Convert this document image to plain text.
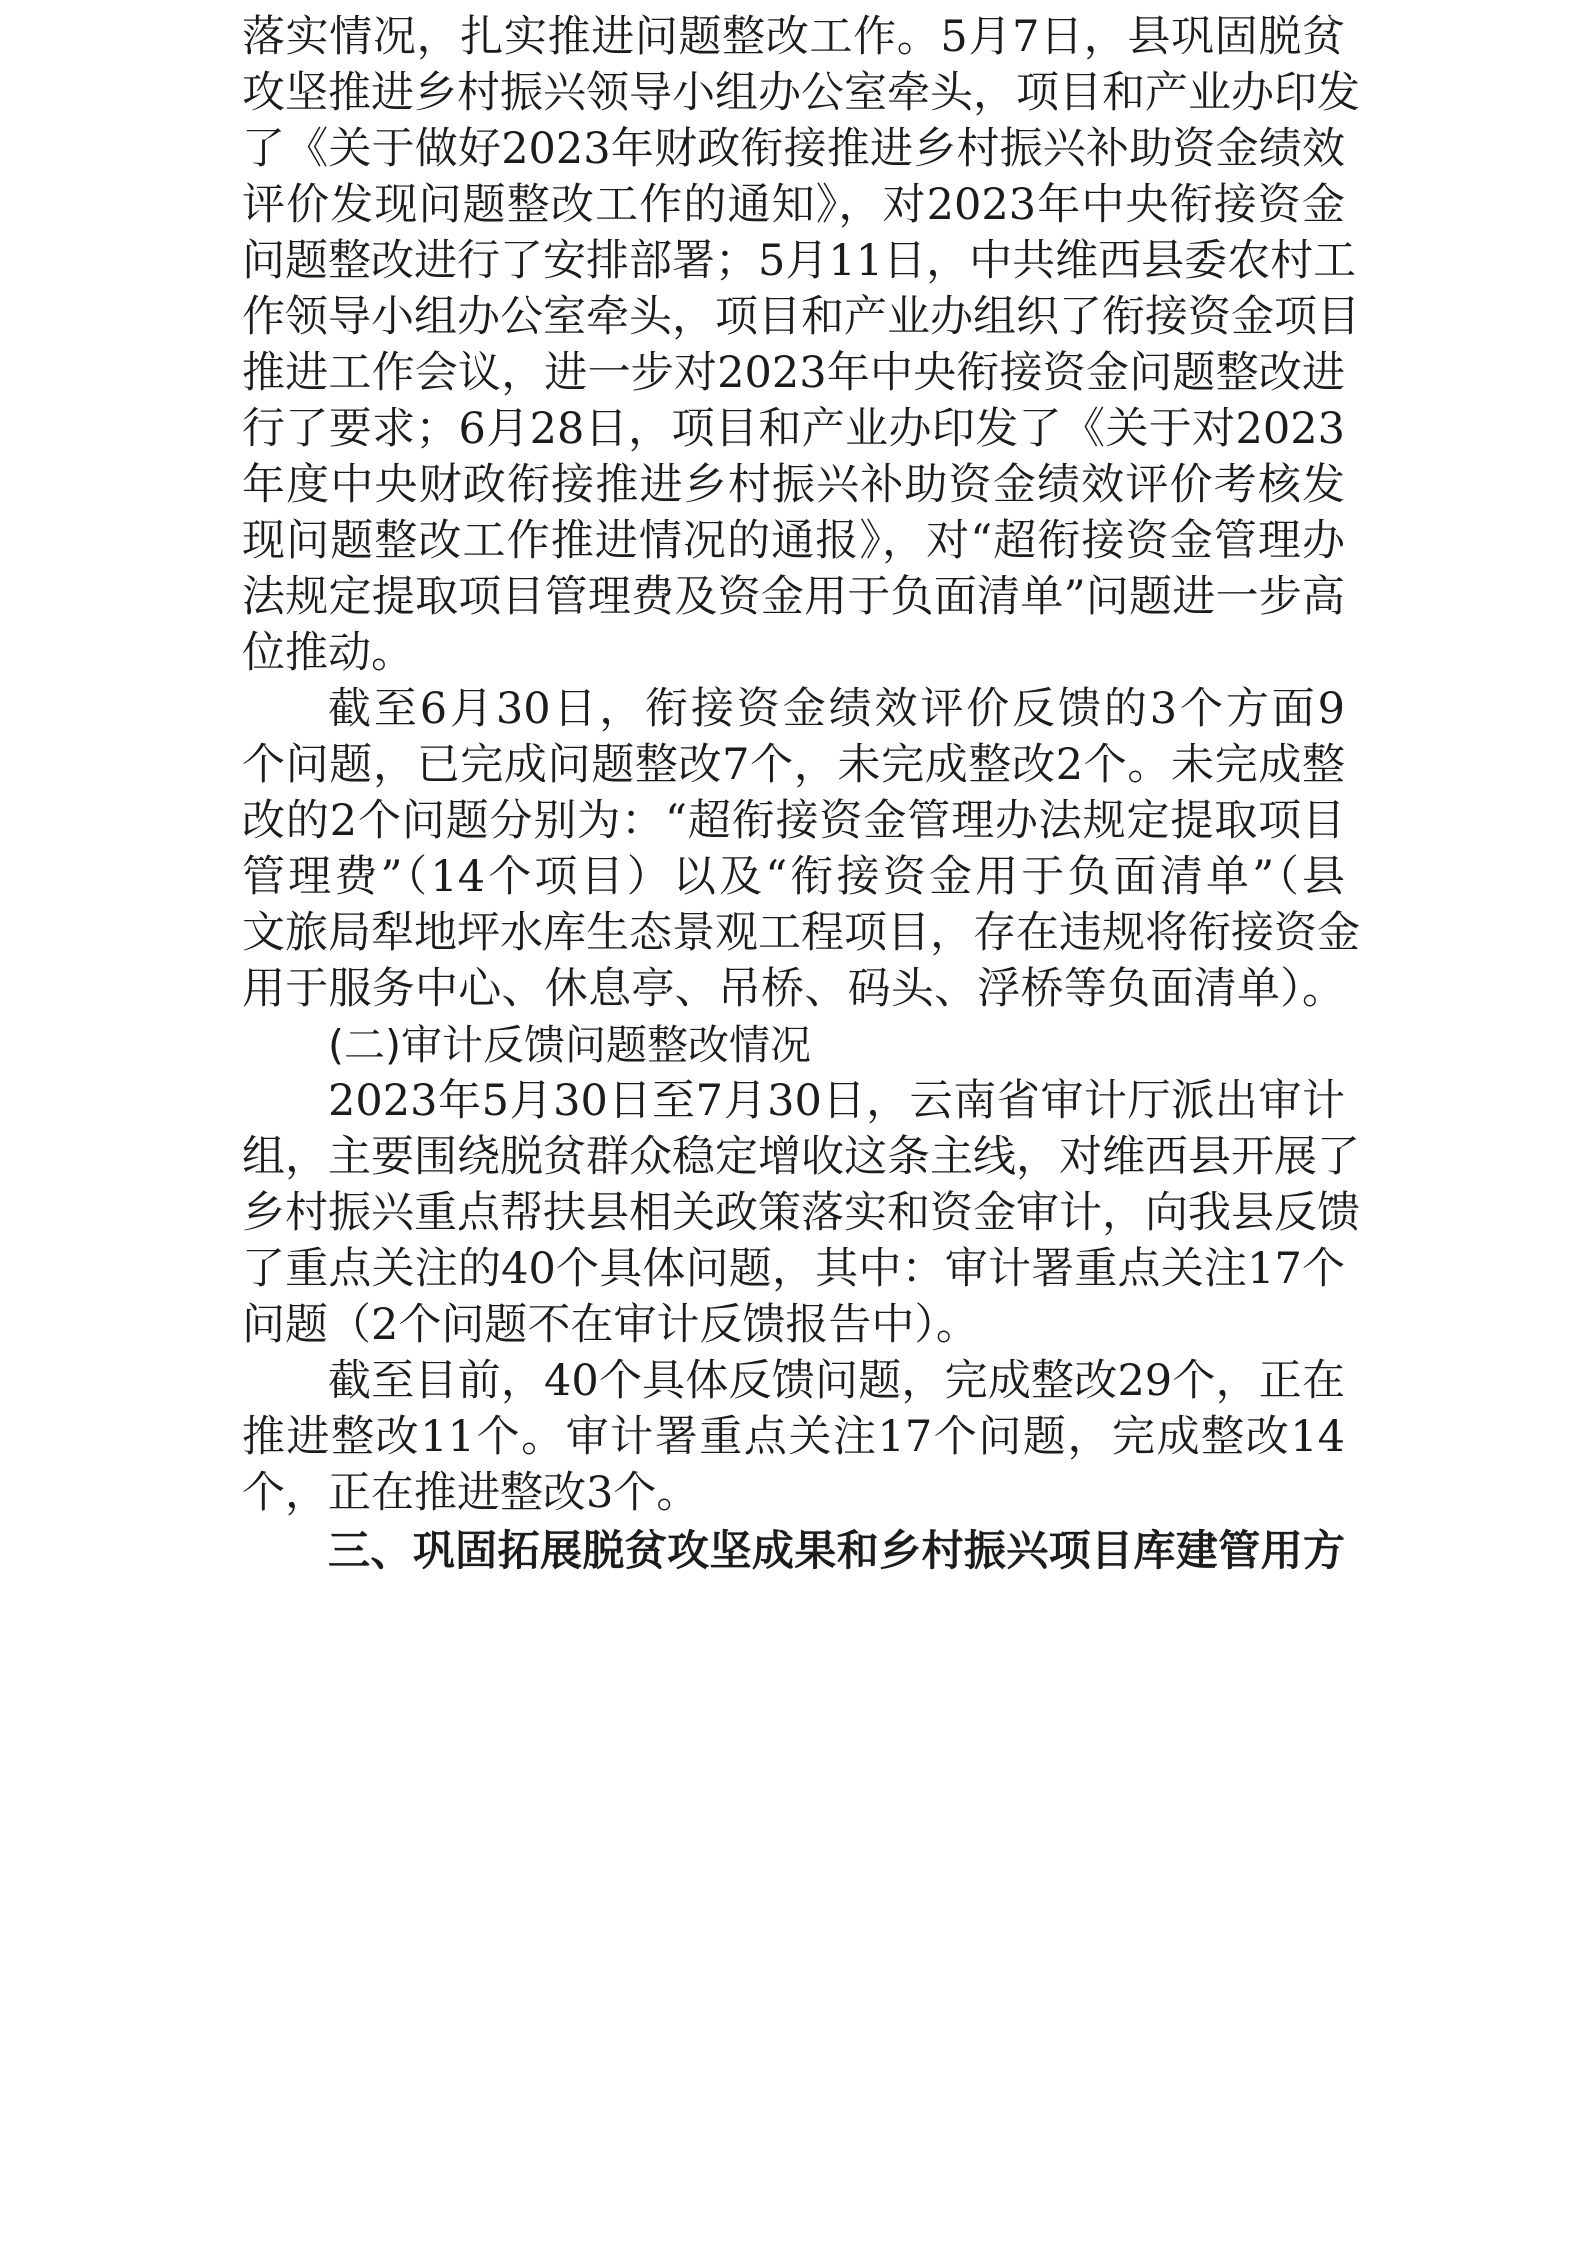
落实情况，扎实推进问题整改工作。5月7日，县巩固脱贫
攻坚推进乡村振兴领导小组办公室牵头，项目和产业办印发
了《关于做好2023年财政衔接推进乡村振兴补助资金绩效
评价发现问题整改工作的通知》，对2023年中央衔接资金
问题整改进行了安排部署；5月11日，中共维西县委农村工
作领导小组办公室牵头，项目和产业办组织了衔接资金项目
推进工作会议，进一步对2023年中央衔接资金问题整改进
行了要求；6月28日，项目和产业办印发了《关于对2023
年度中央财政衔接推进乡村振兴补助资金绩效评价考核发
现问题整改工作推进情况的通报》，对“超衔接资金管理办
法规定提取项目管理费及资金用于负面清单”问题进一步高
位推动。
截至6月30日，衔接资金绩效评价反馈的3个方面9
个问题，已完成问题整改7个，未完成整改2个。未完成整
改的2个问题分别为：“超衔接资金管理办法规定提取项目
管理费”（14个项目）以及“衔接资金用于负面清单”（县
文旅局犁地坪水库生态景观工程项目，存在违规将衔接资金
用于服务中心、休息亭、吊桥、码头、浮桥等负面清单）。
(二)审计反馈问题整改情况
2023年5月30日至7月30日，云南省审计厅派出审计
组，主要围绕脱贫群众稳定增收这条主线，对维西县开展了
乡村振兴重点帮扶县相关政策落实和资金审计，向我县反馈
了重点关注的40个具体问题，其中：审计署重点关注17个
问题（2个问题不在审计反馈报告中）。
截至目前，40个具体反馈问题，完成整改29个，正在
推进整改11个。审计署重点关注17个问题，完成整改14
个，正在推进整改3个。
三、巩固拓展脱贫攻坚成果和乡村振兴项目库建管用方
